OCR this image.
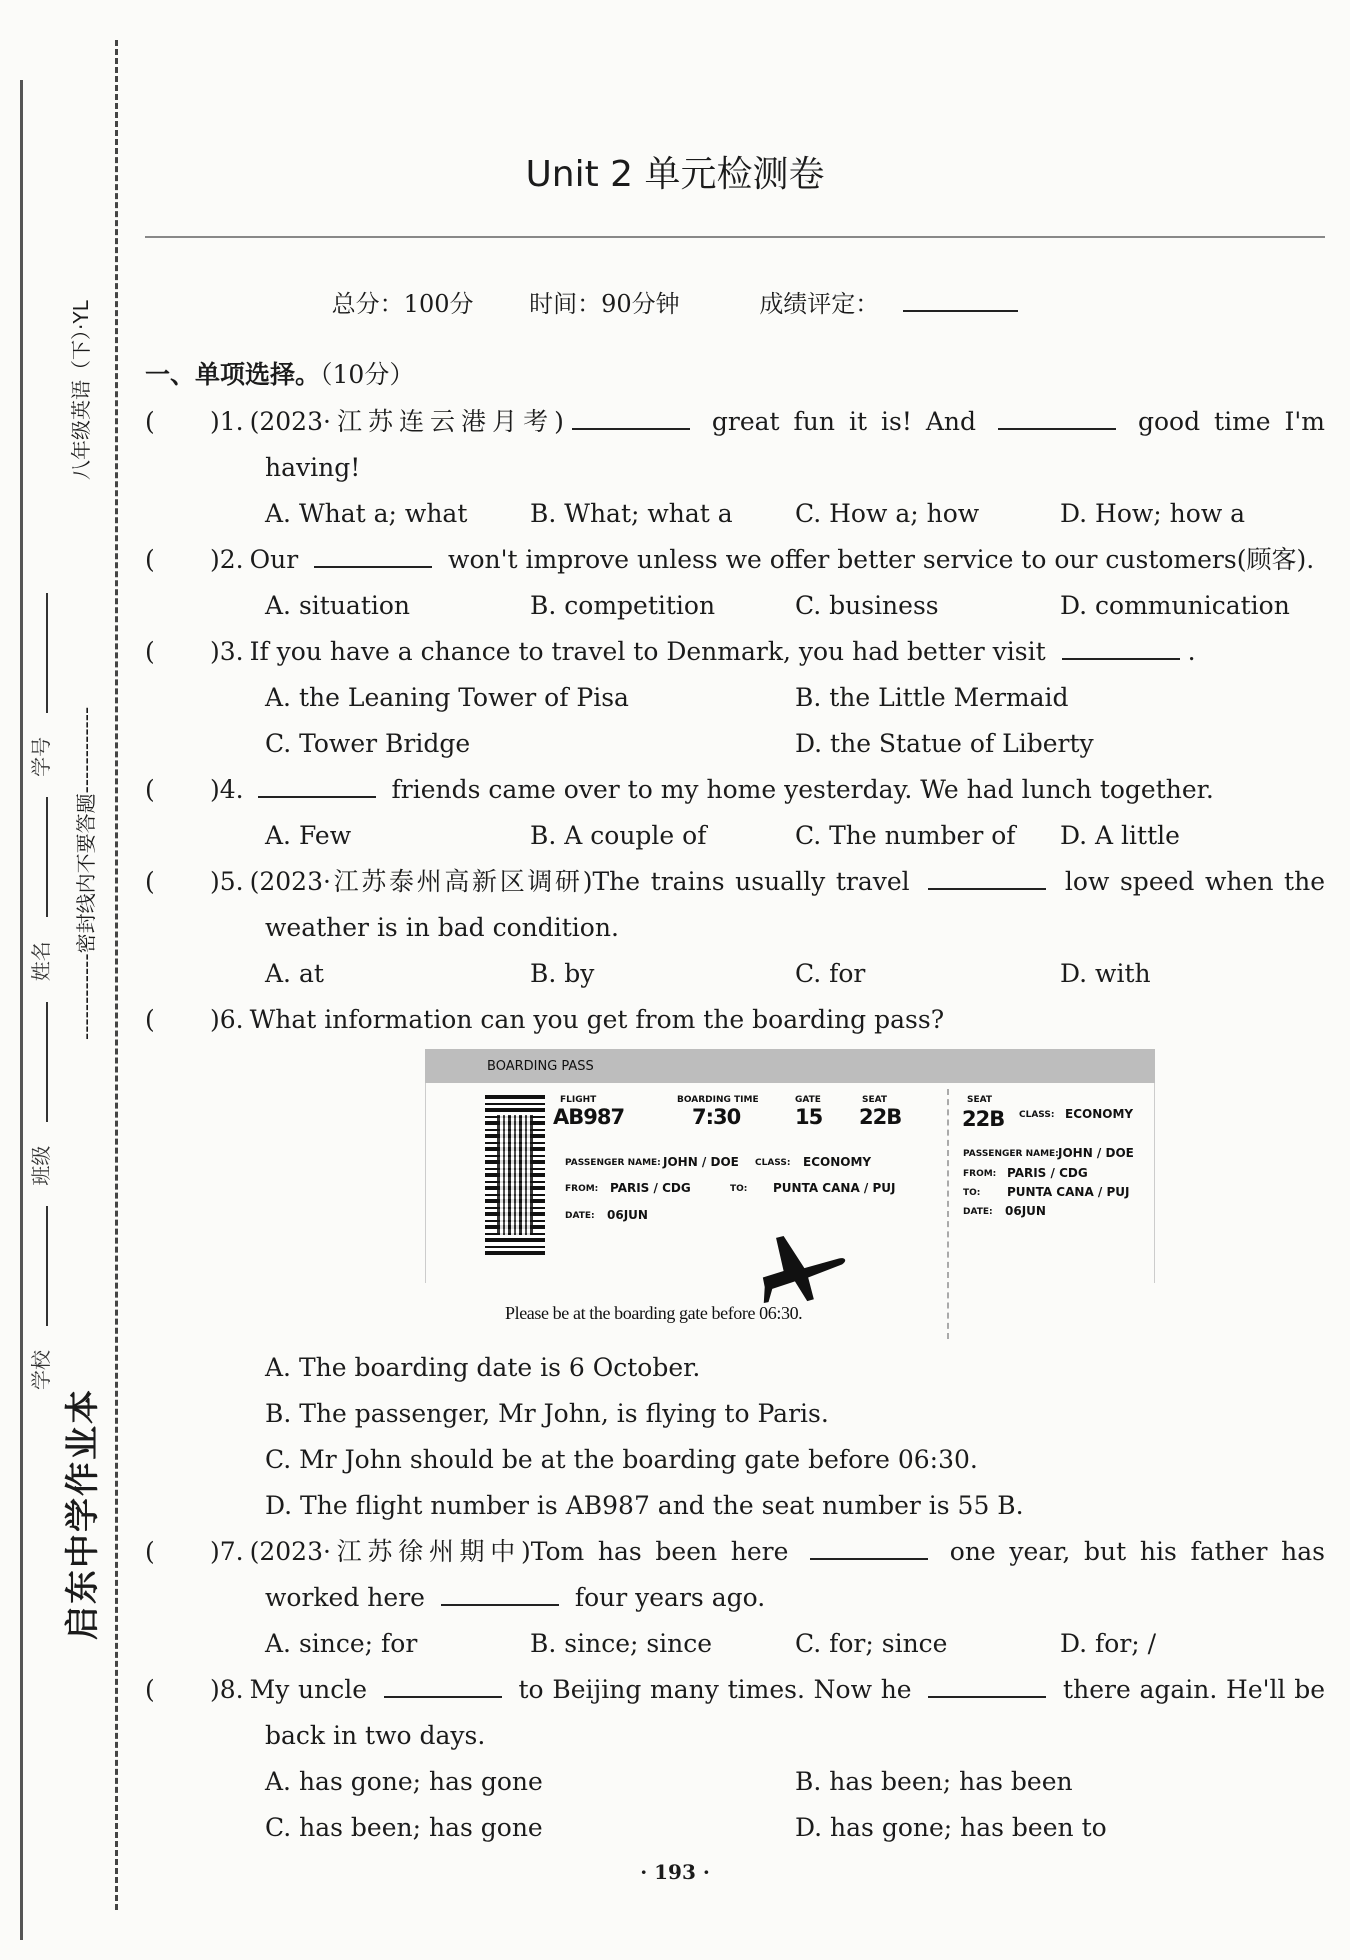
启东中学作业本
------------密封线内不要答题------------
八年级英语（下）·YL
学校 班级 姓名 学号
Unit 2 单元检测卷
总分：100分 时间：90分钟	成绩评定：
一、单项选择。（10分）
( )1. (2023·江苏连云港月考)	great fun it is! And	good time I'm having!
A. What a; what	B. What; what a	C. How a; how	D. How; how a
( )2. Our	won't improve unless we offer better service to our customers(顾客).
A. situation	B. competition	C. business	D. communication
( )3. If you have a chance to travel to Denmark, you had better visit	.
A. the Leaning Tower of Pisa	B. the Little Mermaid
C. Tower Bridge	D. the Statue of Liberty
( )4.	friends came over to my home yesterday. We had lunch together.
A. Few	B. A couple of	C. The number of	D. A little
( )5. (2023·江苏泰州高新区调研)The trains usually travel	low speed when the weather is in bad condition.
A. at	B. by	C. for	D. with
( )6. What information can you get from the boarding pass?
BOARDING PASS
FLIGHT
AB987
BOARDING TIME
7:30
GATE
15
SEAT
22B
PASSENGER NAME: JOHN / DOE CLASS: ECONOMY
FROM: PARIS / CDG	TO: PUNTA CANA / PUJ
DATE: 06JUN
SEAT
22B CLASS: ECONOMY
PASSENGER NAME: JOHN / DOE
FROM: PARIS / CDG
TO: PUNTA CANA / PUJ
DATE: 06JUN
Please be at the boarding gate before 06:30.
A. The boarding date is 6 October.
B. The passenger, Mr John, is flying to Paris.
C. Mr John should be at the boarding gate before 06:30.
D. The flight number is AB987 and the seat number is 55 B.
( )7. (2023·江苏徐州期中)Tom has been here	one year, but his father has worked here	four years ago.
A. since; for	B. since; since	C. for; since	D. for; /
( )8. My uncle	to Beijing many times. Now he	there again. He'll be back in two days.
A. has gone; has gone	B. has been; has been
C. has been; has gone	D. has gone; has been to
· 193 ·
